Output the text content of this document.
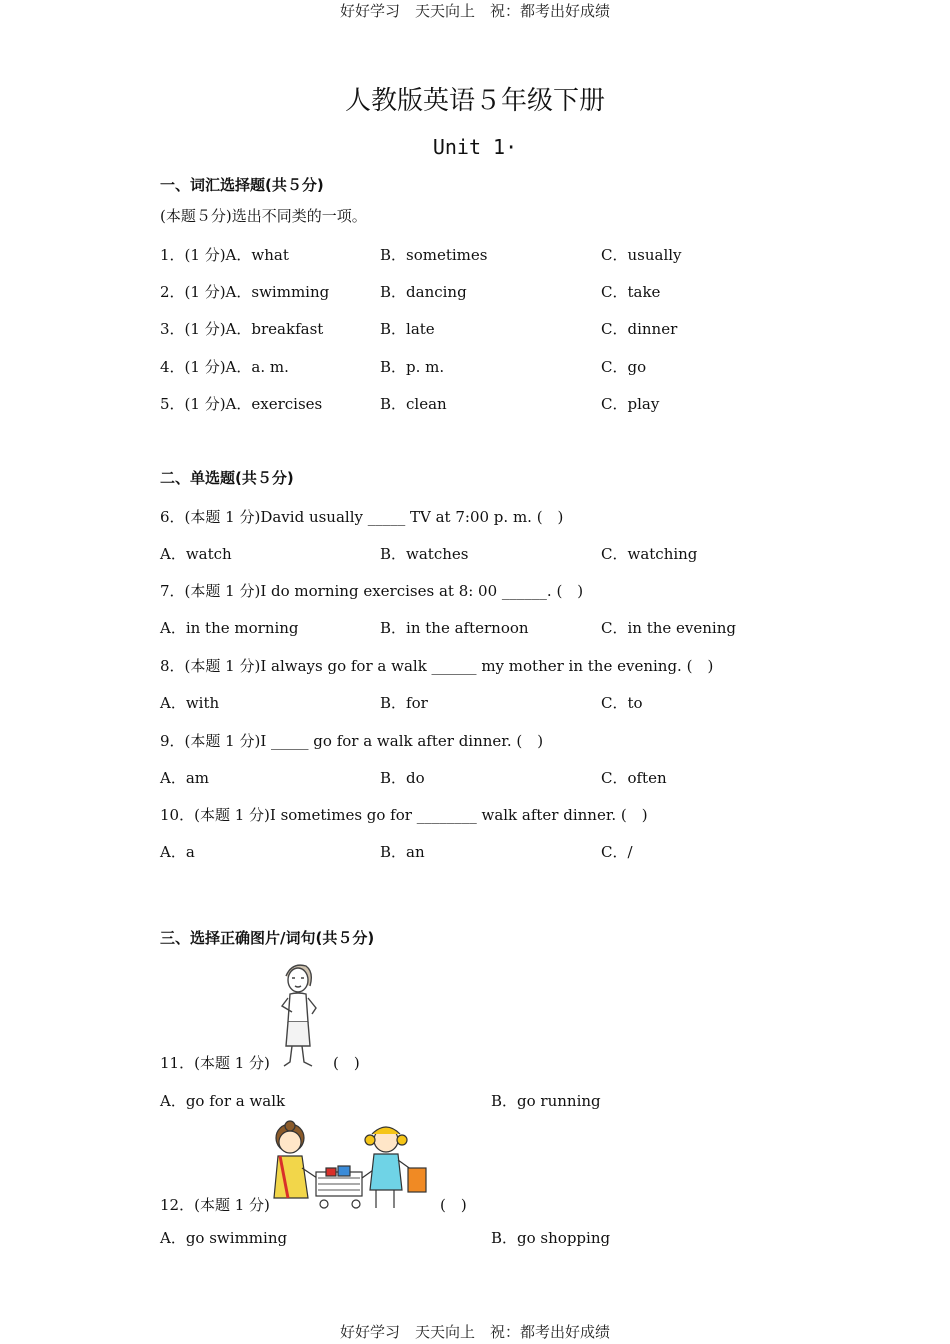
好好学习　天天向上　祝：都考出好成绩
人教版英语５年级下册
Unit 1·
一、词汇选择题(共５分)
(本题５分)选出不同类的一项。
1．(1 分)A．what	B．sometimes	C．usually
2．(1 分)A．swimming	B．dancing	C．take
3．(1 分)A．breakfast	B．late	C．dinner
4．(1 分)A．a. m.	B．p. m.	C．go
5．(1 分)A．exercises	B．clean	C．play
二、单选题(共５分)
6．(本题 1 分)David usually _____ TV at 7:00 p. m. (　)
A．watch	B．watches	C．watching
7．(本题 1 分)I do morning exercises at 8: 00 ______. (　)
A．in the morning	B．in the afternoon	C．in the evening
8．(本题 1 分)I always go for a walk ______ my mother in the evening. (　)
A．with	B．for	C．to
9．(本题 1 分)I _____ go for a walk after dinner. (　)
A．am	B．do	C．often
10．(本题 1 分)I sometimes go for ________ walk after dinner. (　)
A．a	B．an	C．/
三、选择正确图片/词句(共５分)
11．(本题 1 分)	(　)
A．go for a walk	B．go running
12．(本题 1 分)	(　)
A．go swimming	B．go shopping
好好学习　天天向上　祝：都考出好成绩
